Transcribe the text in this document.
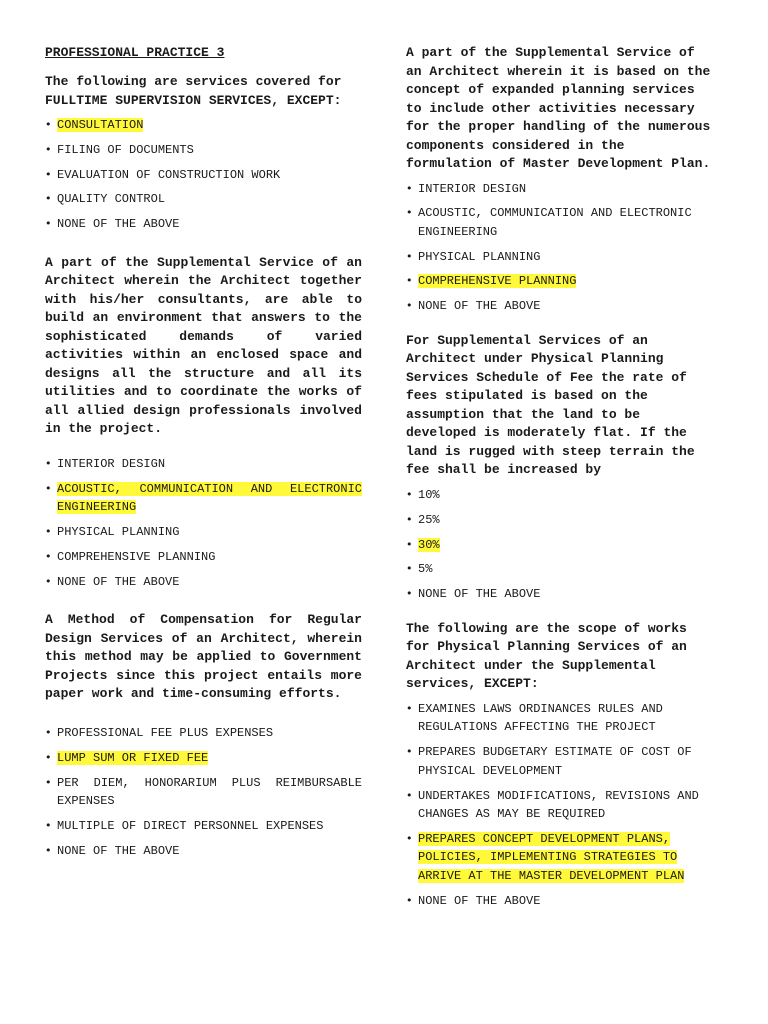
PROFESSIONAL PRACTICE 3
The following are services covered for FULLTIME SUPERVISION SERVICES, EXCEPT:
• CONSULTATION
• FILING OF DOCUMENTS
• EVALUATION OF CONSTRUCTION WORK
• QUALITY CONTROL
• NONE OF THE ABOVE
A part of the Supplemental Service of an Architect wherein the Architect together with his/her consultants, are able to build an environment that answers to the sophisticated demands of varied activities within an enclosed space and designs all the structure and all its utilities and to coordinate the works of all allied design professionals involved in the project.
• INTERIOR DESIGN
• ACOUSTIC, COMMUNICATION AND ELECTRONIC ENGINEERING
• PHYSICAL PLANNING
• COMPREHENSIVE PLANNING
• NONE OF THE ABOVE
A Method of Compensation for Regular Design Services of an Architect, wherein this method may be applied to Government Projects since this project entails more paper work and time-consuming efforts.
• PROFESSIONAL FEE PLUS EXPENSES
• LUMP SUM OR FIXED FEE
• PER DIEM, HONORARIUM PLUS REIMBURSABLE EXPENSES
• MULTIPLE OF DIRECT PERSONNEL EXPENSES
• NONE OF THE ABOVE
A part of the Supplemental Service of an Architect wherein it is based on the concept of expanded planning services to include other activities necessary for the proper handling of the numerous components considered in the formulation of Master Development Plan.
• INTERIOR DESIGN
• ACOUSTIC, COMMUNICATION AND ELECTRONIC ENGINEERING
• PHYSICAL PLANNING
• COMPREHENSIVE PLANNING
• NONE OF THE ABOVE
For Supplemental Services of an Architect under Physical Planning Services Schedule of Fee the rate of fees stipulated is based on the assumption that the land to be developed is moderately flat. If the land is rugged with steep terrain the fee shall be increased by
• 10%
• 25%
• 30%
• 5%
• NONE OF THE ABOVE
The following are the scope of works for Physical Planning Services of an Architect under the Supplemental services, EXCEPT:
• EXAMINES LAWS ORDINANCES RULES AND REGULATIONS AFFECTING THE PROJECT
• PREPARES BUDGETARY ESTIMATE OF COST OF PHYSICAL DEVELOPMENT
• UNDERTAKES MODIFICATIONS, REVISIONS AND CHANGES AS MAY BE REQUIRED
• PREPARES CONCEPT DEVELOPMENT PLANS, POLICIES, IMPLEMENTING STRATEGIES TO ARRIVE AT THE MASTER DEVELOPMENT PLAN
• NONE OF THE ABOVE
